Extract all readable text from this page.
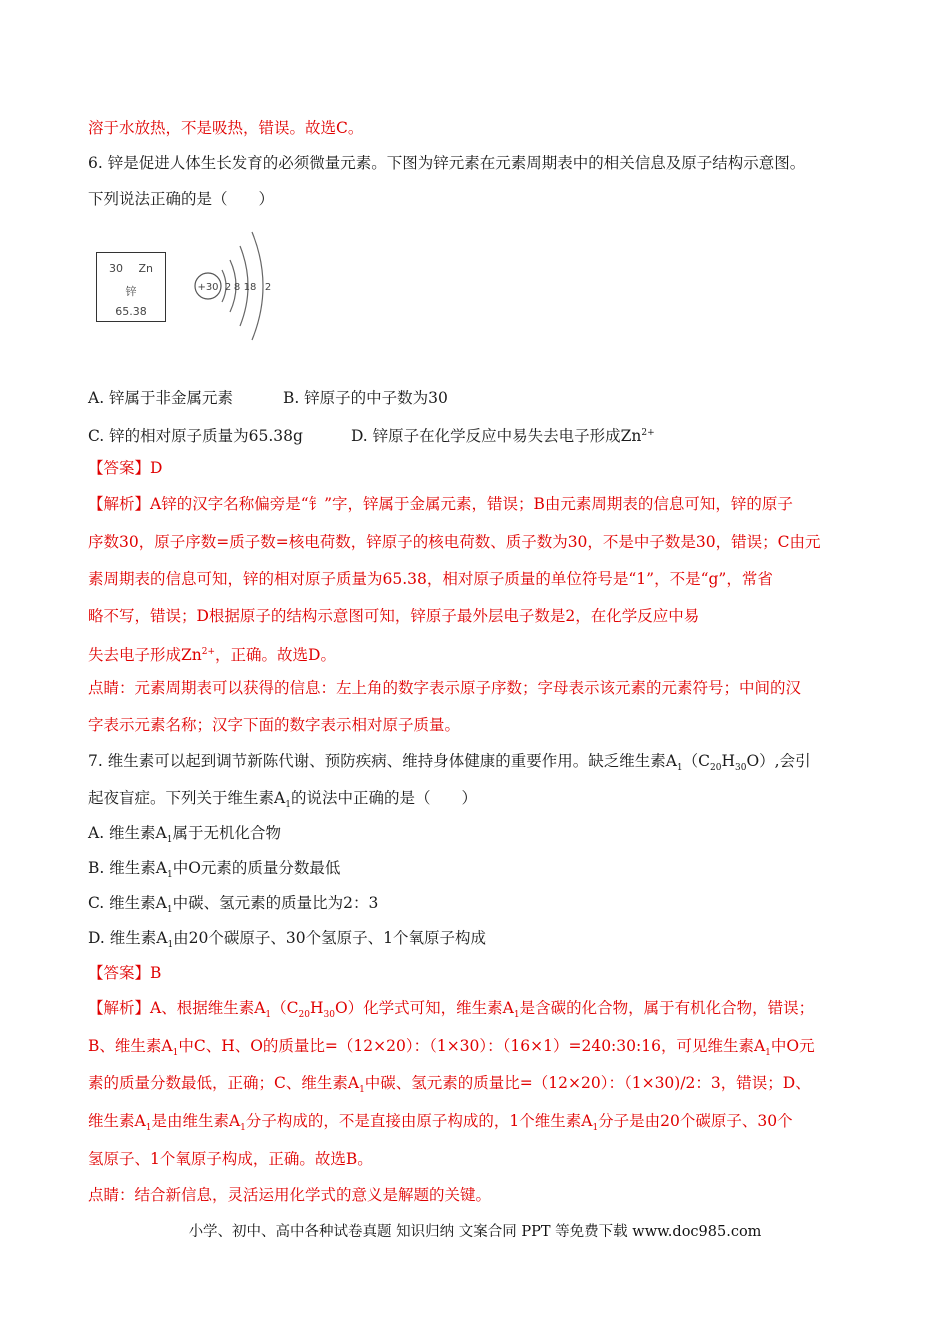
溶于水放热，不是吸热，错误。故选C。
6. 锌是促进人体生长发育的必须微量元素。下图为锌元素在元素周期表中的相关信息及原子结构示意图。
下列说法正确的是（　　）
30 Zn
锌
65.38
+30 2 8 18 2
A. 锌属于非金属元素	B. 锌原子的中子数为30
C. 锌的相对原子质量为65.38g	D. 锌原子在化学反应中易失去电子形成$Zn^{2+}$
【答案】D
【解析】A锌的汉字名称偏旁是“钅”字，锌属于金属元素，错误；B由元素周期表的信息可知，锌的原子
序数30，原子序数=质子数=核电荷数，锌原子的核电荷数、质子数为30，不是中子数是30，错误；C由元
素周期表的信息可知，锌的相对原子质量为65.38，相对原子质量的单位符号是“1”，不是“g”，常省
略不写，错误；D根据原子的结构示意图可知，锌原子最外层电子数是2，在化学反应中易
失去电子形成$Zn^{2+}$，正确。故选D。
点睛：元素周期表可以获得的信息：左上角的数字表示原子序数；字母表示该元素的元素符号；中间的汉
字表示元素名称；汉字下面的数字表示相对原子质量。
7. 维生素可以起到调节新陈代谢、预防疾病、维持身体健康的重要作用。缺乏维生素$A_1(C_{20}H_{30}O)$,会引
起夜盲症。下列关于维生素$A_1$的说法中正确的是（　　）
A. 维生素$A_1$属于无机化合物
B. 维生素$A_1$中O元素的质量分数最低
C. 维生素$A_1$中碳、氢元素的质量比为2：3
D. 维生素$A_1$由20个碳原子、30个氢原子、1个氧原子构成
【答案】B
【解析】A、根据维生素$A_1(C_{20}H_{30}O)$化学式可知，维生素$A_1$是含碳的化合物，属于有机化合物，错误；
B、维生素$A_1$中C、H、O的质量比=（12×20）：（1×30）：（16×1）=240:30:16，可见维生素$A_1$中O元
素的质量分数最低，正确；C、维生素$A_1$中碳、氢元素的质量比=（12×20）：（1×30)/2：3，错误；D、
维生素$A_1$是由维生素$A_1$分子构成的，不是直接由原子构成的，1个维生素$A_1$分子是由20个碳原子、30个
氢原子、1个氧原子构成，正确。故选B。
点睛：结合新信息，灵活运用化学式的意义是解题的关键。
小学、初中、高中各种试卷真题 知识归纳 文案合同 PPT 等免费下载 www.doc985.com
